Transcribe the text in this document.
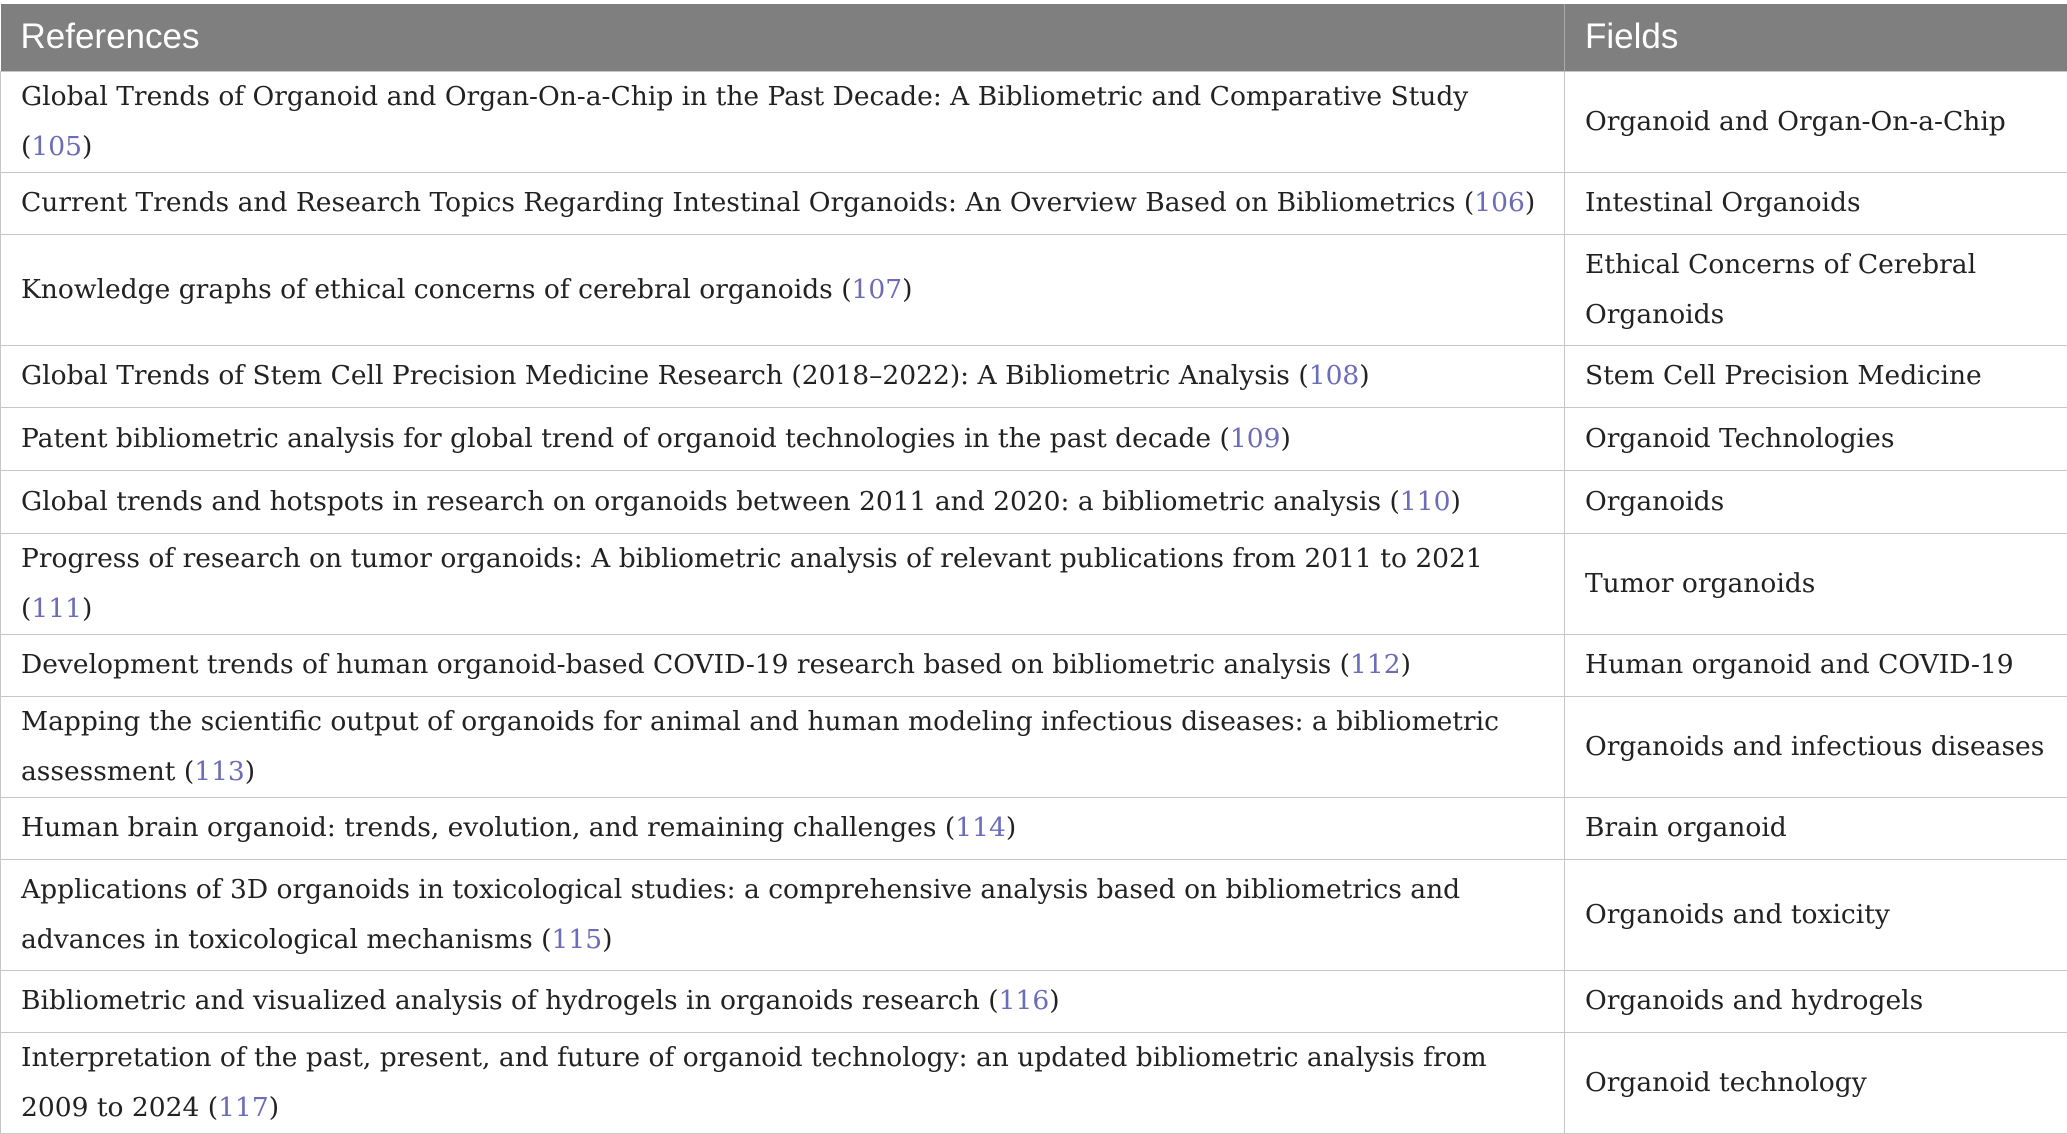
References	Fields
Global Trends of Organoid and Organ-On-a-Chip in the Past Decade: A Bibliometric and Comparative Study (105)	Organoid and Organ-On-a-Chip
Current Trends and Research Topics Regarding Intestinal Organoids: An Overview Based on Bibliometrics (106)	Intestinal Organoids
Knowledge graphs of ethical concerns of cerebral organoids (107)	Ethical Concerns of Cerebral Organoids
Global Trends of Stem Cell Precision Medicine Research (2018–2022): A Bibliometric Analysis (108)	Stem Cell Precision Medicine
Patent bibliometric analysis for global trend of organoid technologies in the past decade (109)	Organoid Technologies
Global trends and hotspots in research on organoids between 2011 and 2020: a bibliometric analysis (110)	Organoids
Progress of research on tumor organoids: A bibliometric analysis of relevant publications from 2011 to 2021 (111)	Tumor organoids
Development trends of human organoid-based COVID-19 research based on bibliometric analysis (112)	Human organoid and COVID-19
Mapping the scientific output of organoids for animal and human modeling infectious diseases: a bibliometric assessment (113)	Organoids and infectious diseases
Human brain organoid: trends, evolution, and remaining challenges (114)	Brain organoid
Applications of 3D organoids in toxicological studies: a comprehensive analysis based on bibliometrics and advances in toxicological mechanisms (115)	Organoids and toxicity
Bibliometric and visualized analysis of hydrogels in organoids research (116)	Organoids and hydrogels
Interpretation of the past, present, and future of organoid technology: an updated bibliometric analysis from 2009 to 2024 (117)	Organoid technology
